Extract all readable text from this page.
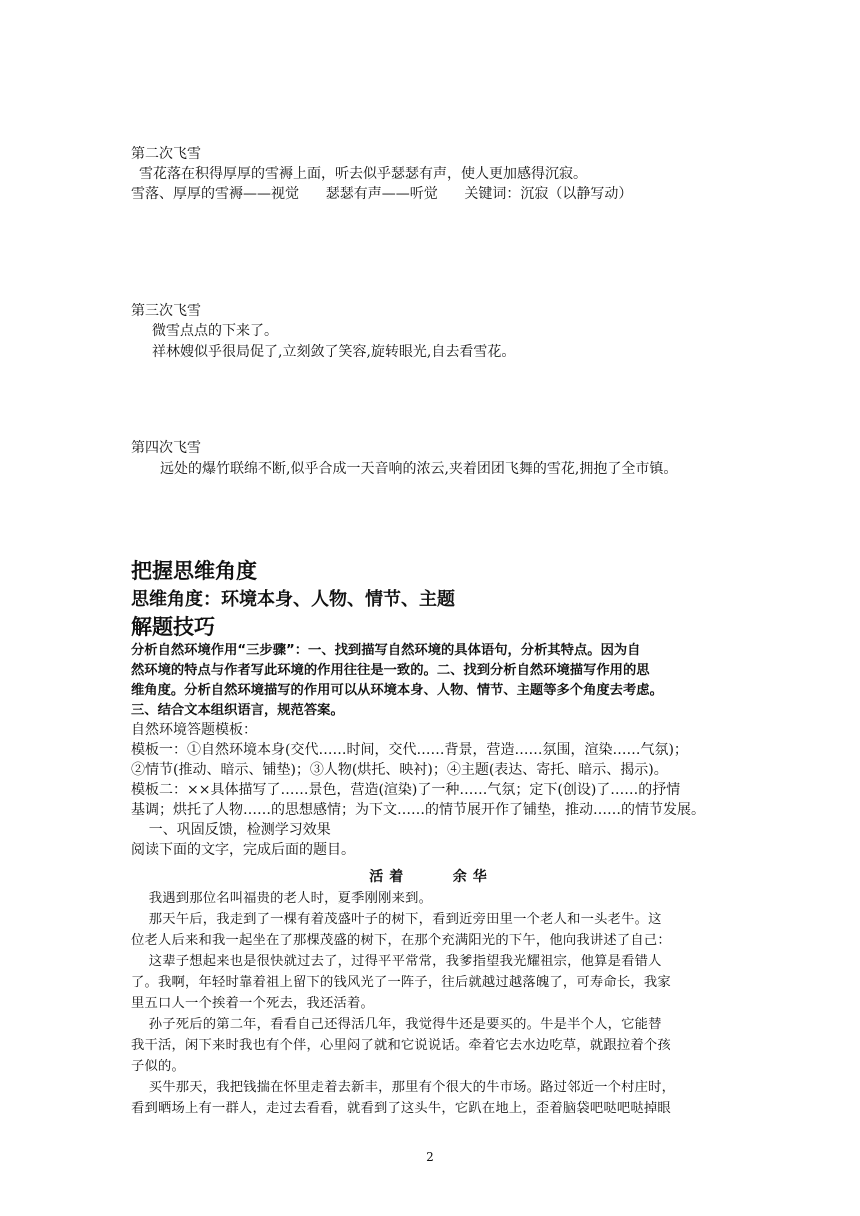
第二次飞雪
雪花落在积得厚厚的雪褥上面，听去似乎瑟瑟有声，使人更加感得沉寂。
雪落、厚厚的雪褥——视觉      瑟瑟有声——听觉      关键词：沉寂（以静写动）
第三次飞雪
微雪点点的下来了。
祥林嫂似乎很局促了,立刻敛了笑容,旋转眼光,自去看雪花。
第四次飞雪
远处的爆竹联绵不断,似乎合成一天音响的浓云,夹着团团飞舞的雪花,拥抱了全市镇。
把握思维角度
思维角度：环境本身、人物、情节、主题
解题技巧
分析自然环境作用“三步骤”：一、找到描写自然环境的具体语句，分析其特点。因为自
然环境的特点与作者写此环境的作用往往是一致的。二、找到分析自然环境描写作用的思
维角度。分析自然环境描写的作用可以从环境本身、人物、情节、主题等多个角度去考虑。
三、结合文本组织语言，规范答案。
自然环境答题模板：
模板一：①自然环境本身(交代……时间，交代……背景，营造……氛围，渲染……气氛)；
②情节(推动、暗示、铺垫)；③人物(烘托、映衬)；④主题(表达、寄托、暗示、揭示)。
模板二：××具体描写了……景色，营造(渲染)了一种……气氛；定下(创设)了……的抒情
基调；烘托了人物……的思想感情；为下文……的情节展开作了铺垫，推动……的情节发展。
一、巩固反馈，检测学习效果
阅读下面的文字，完成后面的题目。
活着    余华
我遇到那位名叫福贵的老人时，夏季刚刚来到。
那天午后，我走到了一棵有着茂盛叶子的树下，看到近旁田里一个老人和一头老牛。这
位老人后来和我一起坐在了那棵茂盛的树下，在那个充满阳光的下午，他向我讲述了自己：
这辈子想起来也是很快就过去了，过得平平常常，我爹指望我光耀祖宗，他算是看错人
了。我啊，年轻时靠着祖上留下的钱风光了一阵子，往后就越过越落魄了，可寿命长，我家
里五口人一个挨着一个死去，我还活着。
孙子死后的第二年，看看自己还得活几年，我觉得牛还是要买的。牛是半个人，它能替
我干活，闲下来时我也有个伴，心里闷了就和它说说话。牵着它去水边吃草，就跟拉着个孩
子似的。
买牛那天，我把钱揣在怀里走着去新丰，那里有个很大的牛市场。路过邻近一个村庄时，
看到晒场上有一群人，走过去看看，就看到了这头牛，它趴在地上，歪着脑袋吧哒吧哒掉眼
2
